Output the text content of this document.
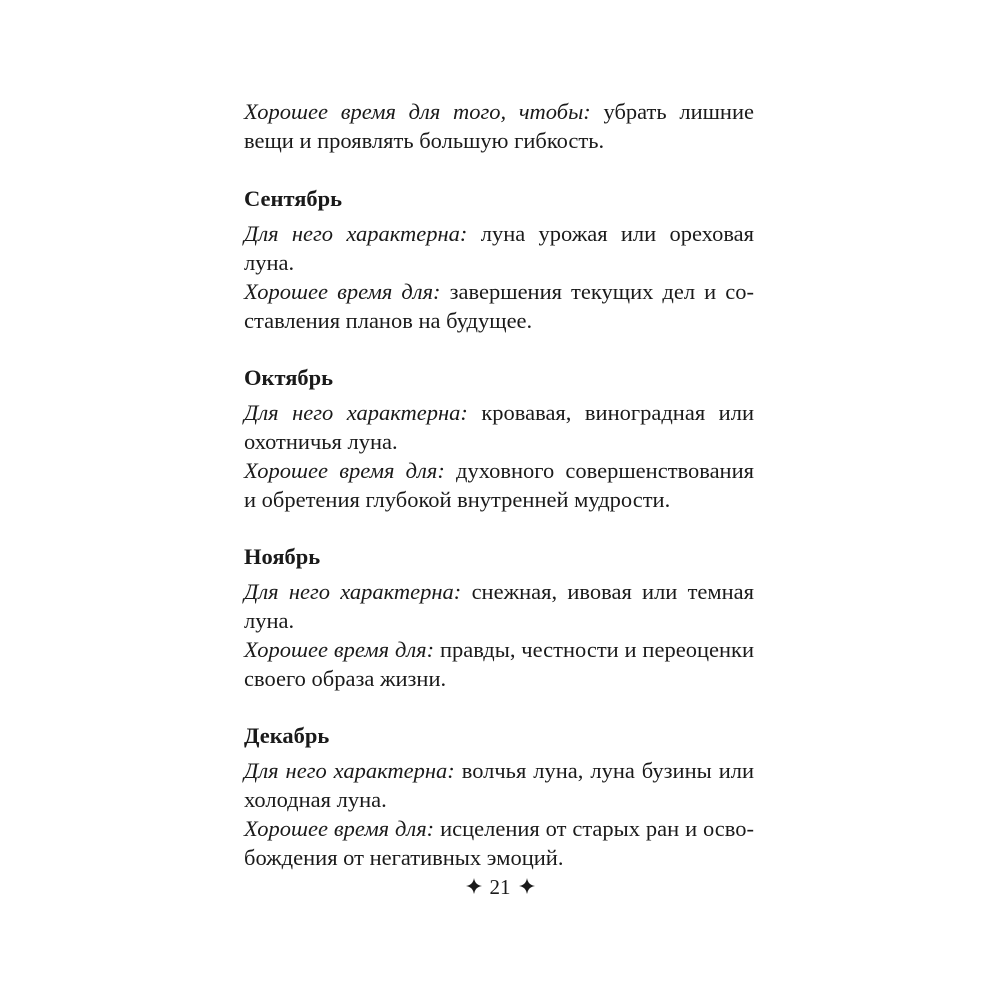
Хорошее время для того, чтобы: убрать лишние
вещи и проявлять большую гибкость.
Сентябрь
Для него характерна: луна урожая или ореховая
луна.
Хорошее время для: завершения текущих дел и со-
ставления планов на будущее.
Октябрь
Для него характерна: кровавая, виноградная или
охотничья луна.
Хорошее время для: духовного совершенствования
и обретения глубокой внутренней мудрости.
Ноябрь
Для него характерна: снежная, ивовая или темная
луна.
Хорошее время для: правды, честности и переоценки
своего образа жизни.
Декабрь
Для него характерна: волчья луна, луна бузины или
холодная луна.
Хорошее время для: исцеления от старых ран и осво-
бождения от негативных эмоций.
21
